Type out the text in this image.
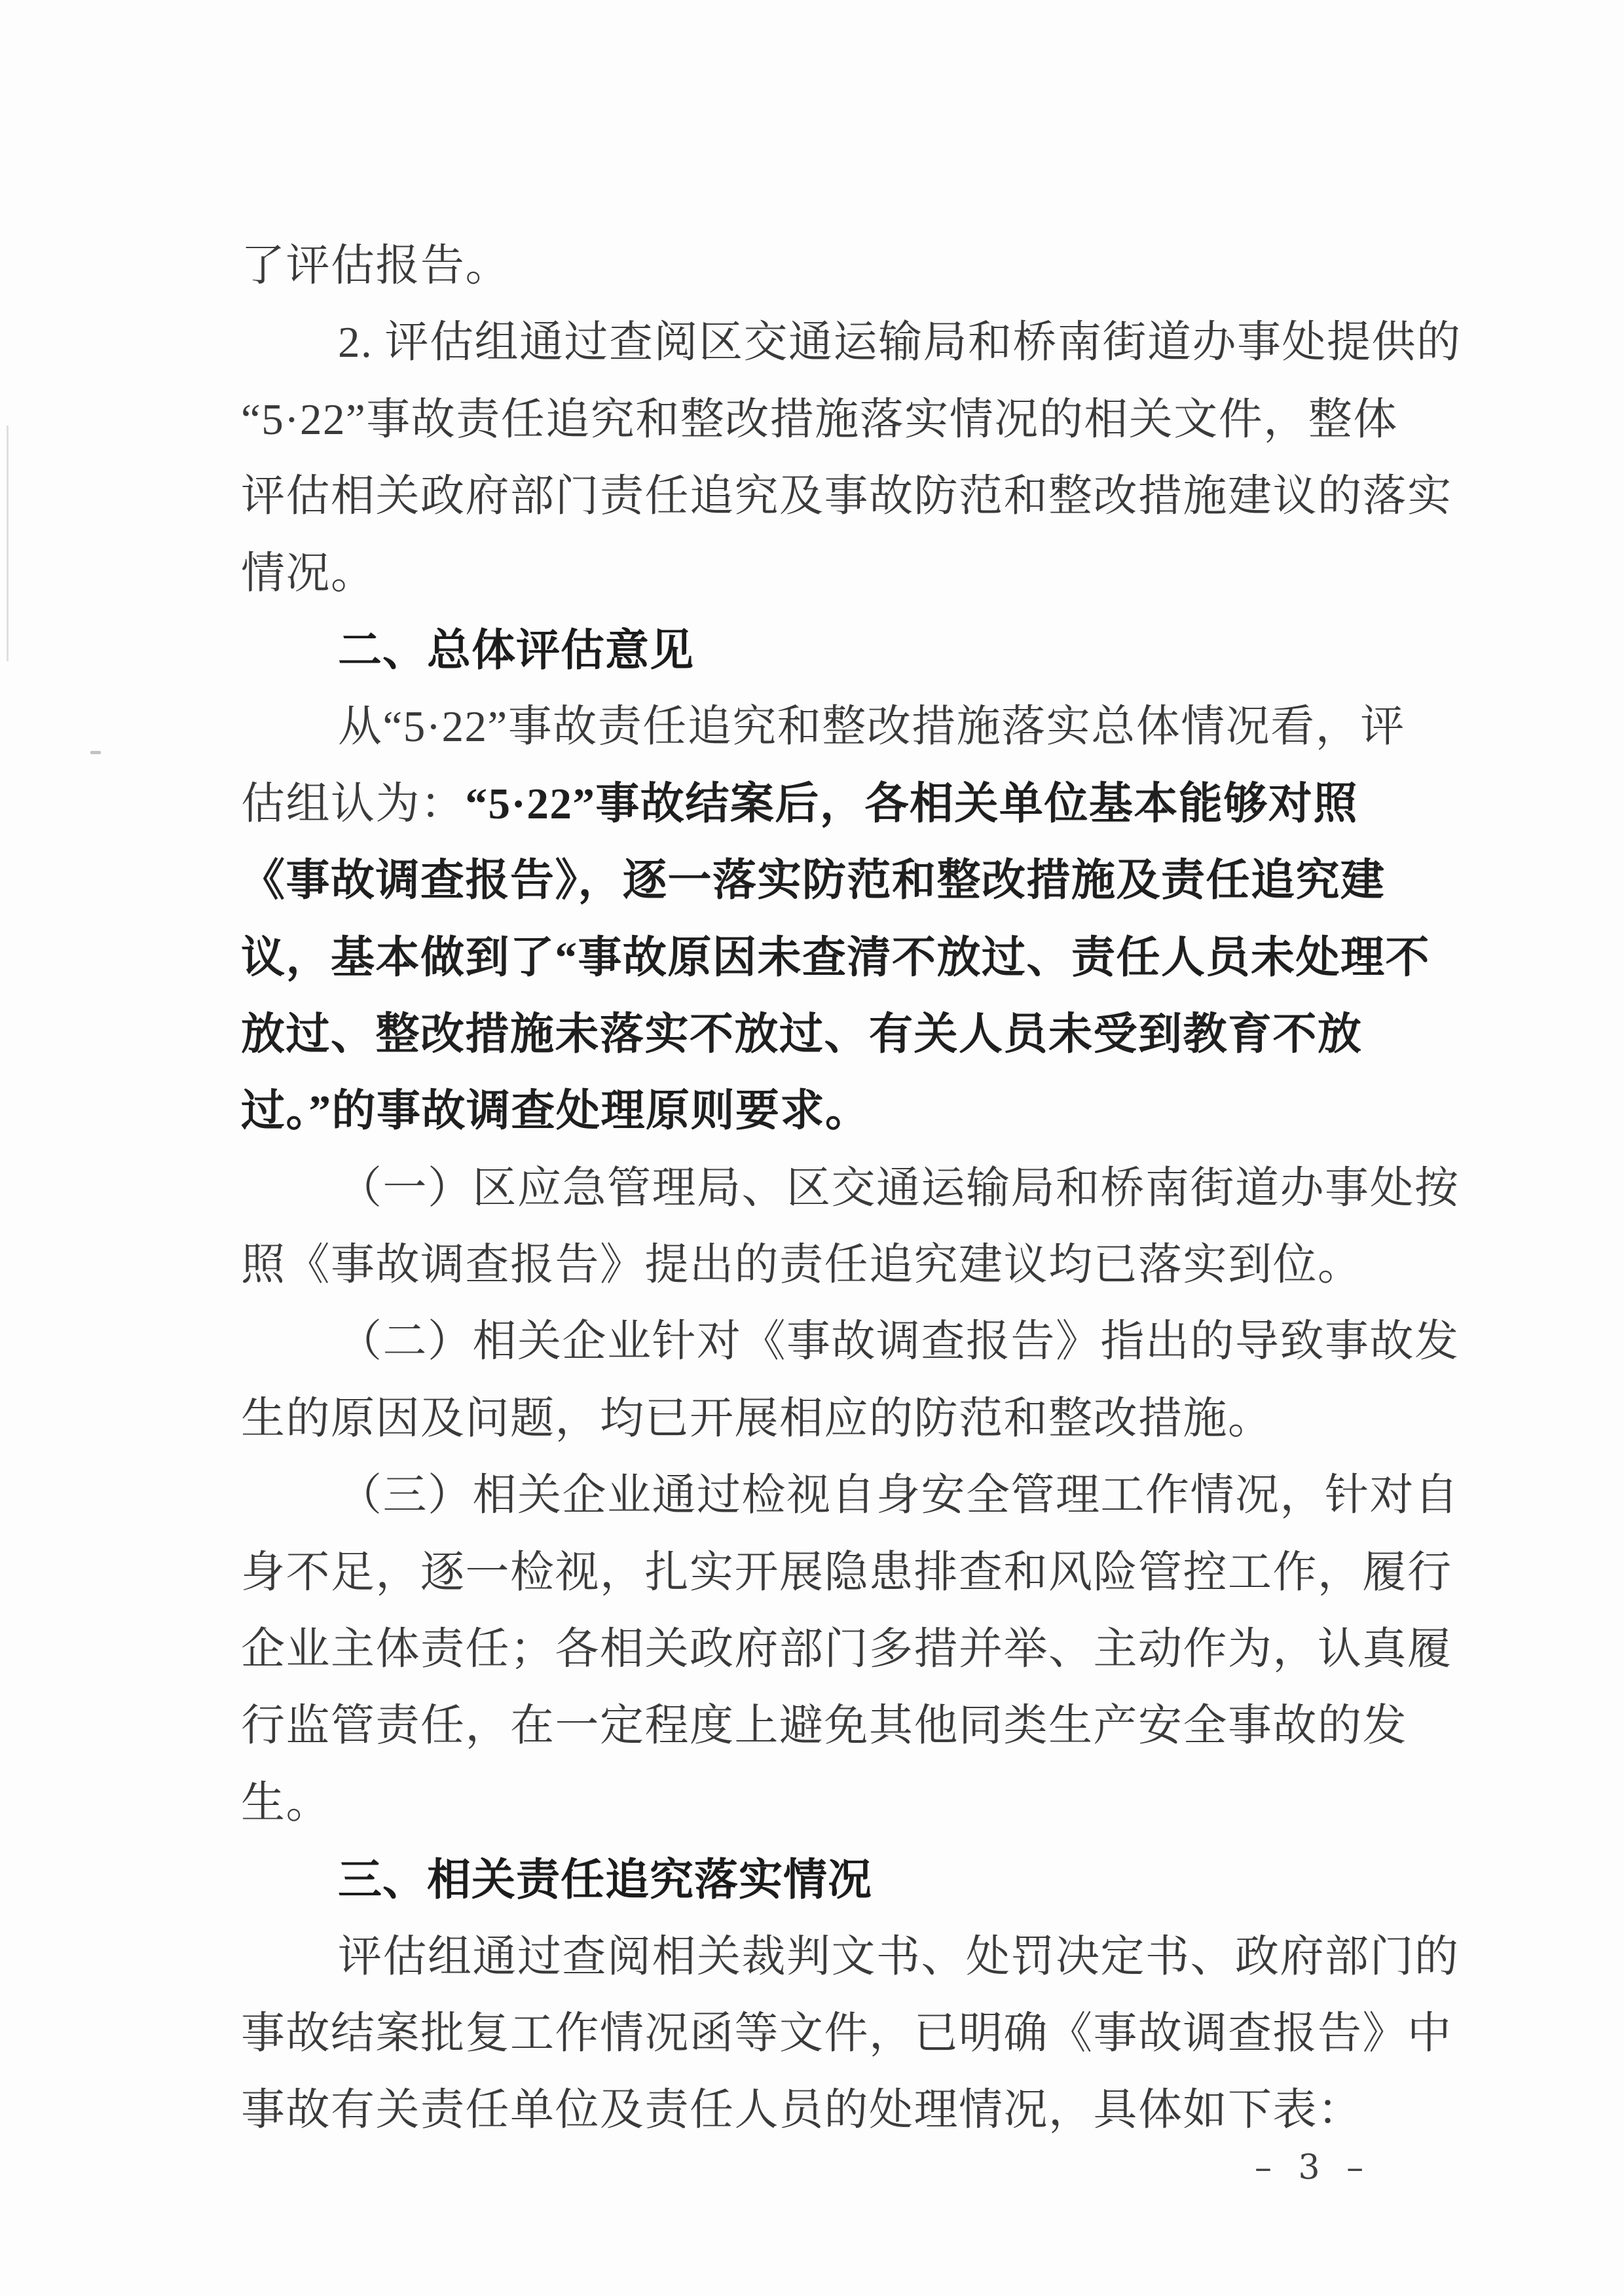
了评估报告。
2. 评估组通过查阅区交通运输局和桥南街道办事处提供的
“5·22”事故责任追究和整改措施落实情况的相关文件，整体
评估相关政府部门责任追究及事故防范和整改措施建议的落实
情况。
二、总体评估意见
从“5·22”事故责任追究和整改措施落实总体情况看，评
估组认为：“5·22”事故结案后，各相关单位基本能够对照
《事故调查报告》，逐一落实防范和整改措施及责任追究建
议，基本做到了“事故原因未查清不放过、责任人员未处理不
放过、整改措施未落实不放过、有关人员未受到教育不放
过。”的事故调查处理原则要求。
（一）区应急管理局、区交通运输局和桥南街道办事处按
照《事故调查报告》提出的责任追究建议均已落实到位。
（二）相关企业针对《事故调查报告》指出的导致事故发
生的原因及问题，均已开展相应的防范和整改措施。
（三）相关企业通过检视自身安全管理工作情况，针对自
身不足，逐一检视，扎实开展隐患排查和风险管控工作，履行
企业主体责任；各相关政府部门多措并举、主动作为，认真履
行监管责任，在一定程度上避免其他同类生产安全事故的发
生。
三、相关责任追究落实情况
评估组通过查阅相关裁判文书、处罚决定书、政府部门的
事故结案批复工作情况函等文件，已明确《事故调查报告》中
事故有关责任单位及责任人员的处理情况，具体如下表：
– 3 –
